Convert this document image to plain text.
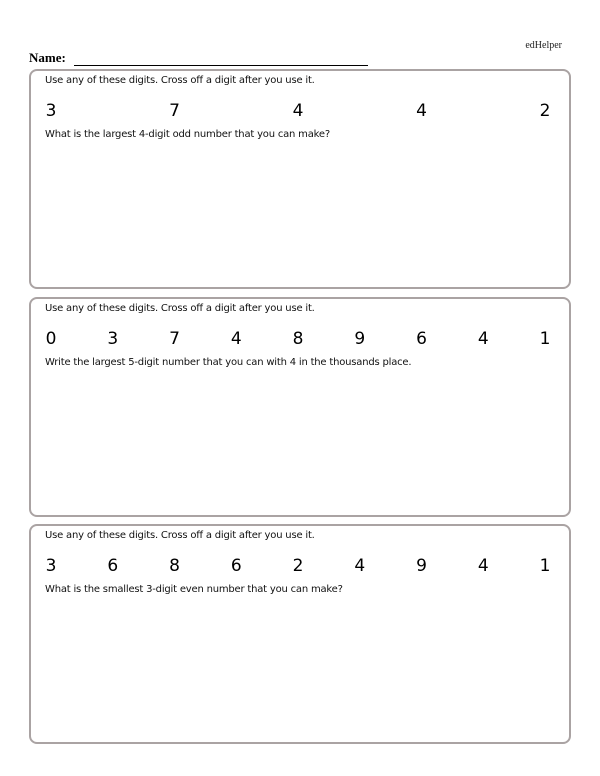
edHelper
Name:
Use any of these digits. Cross off a digit after you use it.
3	7	4	4	2
What is the largest 4-digit odd number that you can make?
Use any of these digits. Cross off a digit after you use it.
0	3	7	4	8	9	6	4	1
Write the largest 5-digit number that you can with 4 in the thousands place.
Use any of these digits. Cross off a digit after you use it.
3	6	8	6	2	4	9	4	1
What is the smallest 3-digit even number that you can make?
